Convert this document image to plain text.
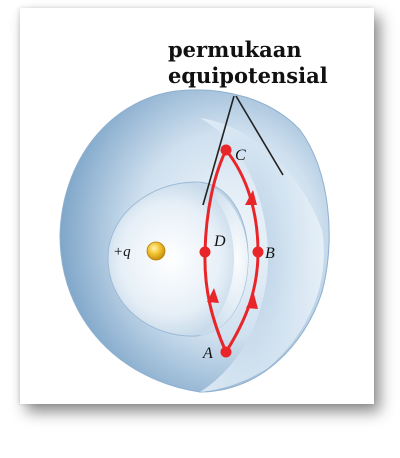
permukaan
equipotensial
+q
A
B
C
D
